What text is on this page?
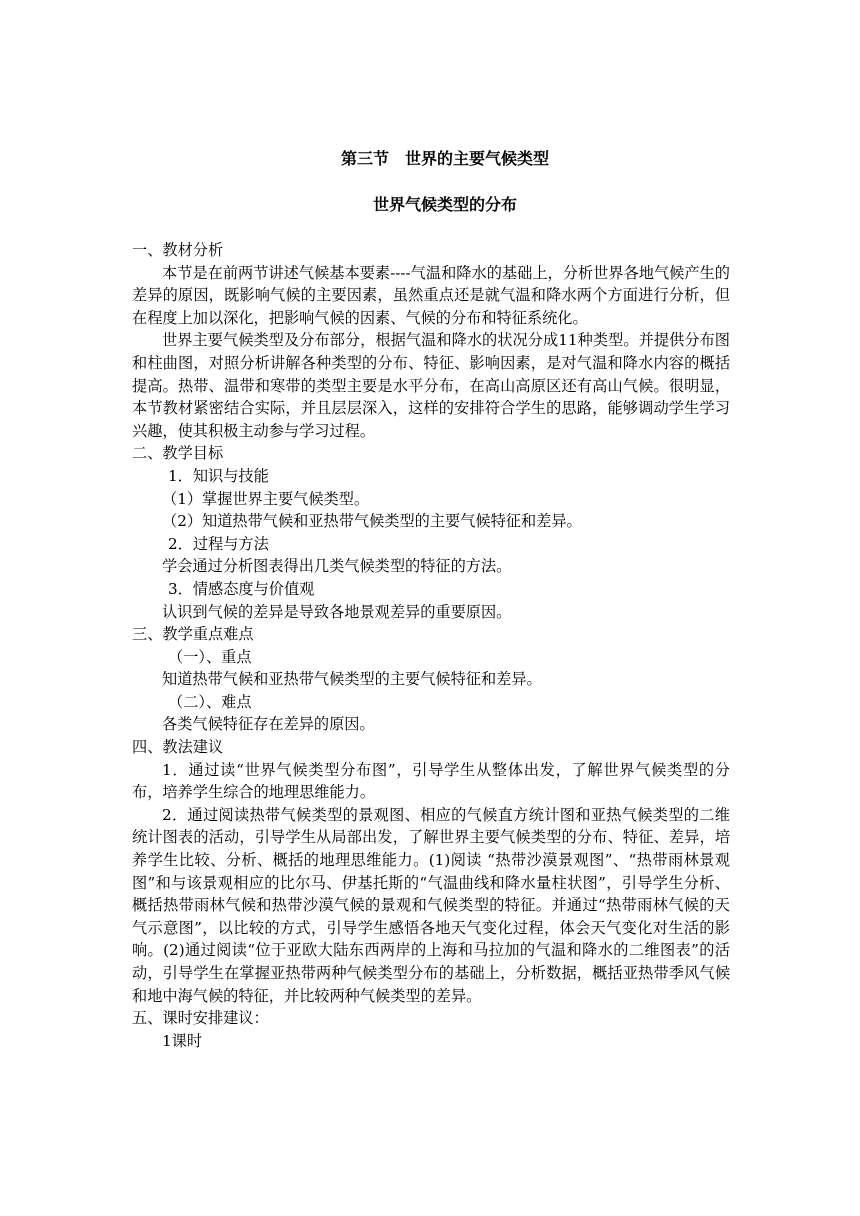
第三节　世界的主要气候类型
世界气候类型的分布

一、教材分析

本节是在前两节讲述气候基本要素----气温和降水的基础上，分析世界各地气候产生的差异的原因，既影响气候的主要因素，虽然重点还是就气温和降水两个方面进行分析，但在程度上加以深化，把影响气候的因素、气候的分布和特征系统化。

世界主要气候类型及分布部分，根据气温和降水的状况分成11种类型。并提供分布图和柱曲图，对照分析讲解各种类型的分布、特征、影响因素，是对气温和降水内容的概括提高。热带、温带和寒带的类型主要是水平分布，在高山高原区还有高山气候。很明显，本节教材紧密结合实际，并且层层深入，这样的安排符合学生的思路，能够调动学生学习兴趣，使其积极主动参与学习过程。

二、教学目标

1．知识与技能

（1）掌握世界主要气候类型。

（2）知道热带气候和亚热带气候类型的主要气候特征和差异。

2．过程与方法

学会通过分析图表得出几类气候类型的特征的方法。

3．情感态度与价值观

认识到气候的差异是导致各地景观差异的重要原因。

三、教学重点难点

（一）、重点

知道热带气候和亚热带气候类型的主要气候特征和差异。

（二）、难点

各类气候特征存在差异的原因。

四、教法建议

1．通过读“世界气候类型分布图”，引导学生从整体出发，了解世界气候类型的分布，培养学生综合的地理思维能力。

2．通过阅读热带气候类型的景观图、相应的气候直方统计图和亚热气候类型的二维统计图表的活动，引导学生从局部出发，了解世界主要气候类型的分布、特征、差异，培养学生比较、分析、概括的地理思维能力。(1)阅读 “热带沙漠景观图”、“热带雨林景观图”和与该景观相应的比尔马、伊基托斯的“气温曲线和降水量柱状图”，引导学生分析、概括热带雨林气候和热带沙漠气候的景观和气候类型的特征。并通过“热带雨林气候的天气示意图”，以比较的方式，引导学生感悟各地天气变化过程，体会天气变化对生活的影响。(2)通过阅读“位于亚欧大陆东西两岸的上海和马拉加的气温和降水的二维图表”的活动，引导学生在掌握亚热带两种气候类型分布的基础上，分析数据，概括亚热带季风气候和地中海气候的特征，并比较两种气候类型的差异。

五、课时安排建议：

1课时
